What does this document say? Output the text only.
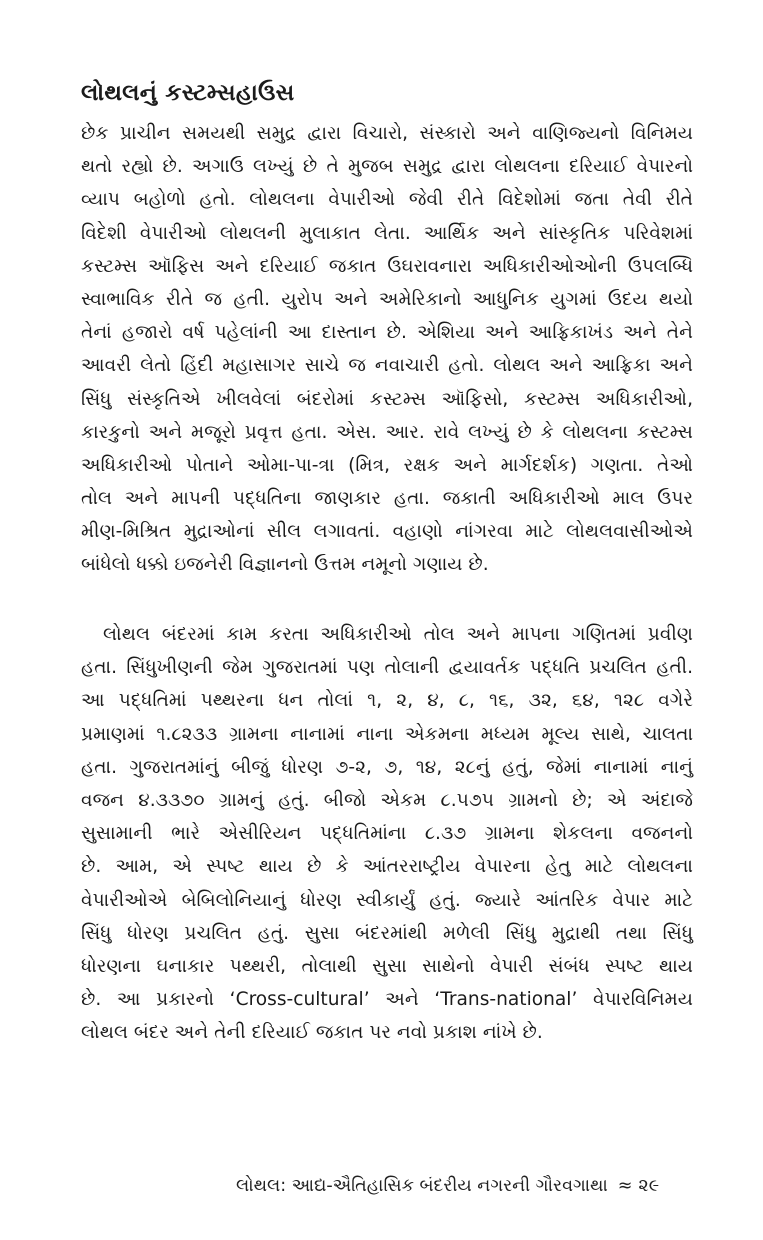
લોથલનું કસ્ટમ્સહાઉસ
છેક પ્રાચીન સમયથી સમુદ્ર દ્વારા વિચારો, સંસ્કારો અને વાણિજ્યનો વિનિમય
થતો રહ્યો છે. અગાઉ લખ્યું છે તે મુજબ સમુદ્ર દ્વારા લોથલના દરિયાઈ વેપારનો
વ્યાપ બહોળો હતો. લોથલના વેપારીઓ જેવી રીતે વિદેશોમાં જતા તેવી રીતે
વિદેશી વેપારીઓ લોથલની મુલાકાત લેતા. આર્થિક અને સાંસ્કૃતિક પરિવેશમાં
કસ્ટમ્સ ઑફિસ અને દરિયાઈ જકાત ઉઘરાવનારા અધિકારીઓઓની ઉપલબ્ધિ
સ્વાભાવિક રીતે જ હતી. યુરોપ અને અમેરિકાનો આધુનિક યુગમાં ઉદય થયો
તેનાં હજારો વર્ષ પહેલાંની આ દાસ્તાન છે. એશિયા અને આફ્રિકાખંડ અને તેને
આવરી લેતો હિંદી મહાસાગર સાચે જ નવાચારી હતો. લોથલ અને આફ્રિકા અને
સિંધુ સંસ્કૃતિએ ખીલવેલાં બંદરોમાં કસ્ટમ્સ ઑફિસો, કસ્ટમ્સ અધિકારીઓ,
કારકુનો અને મજૂરો પ્રવૃત્ત હતા. એસ. આર. રાવે લખ્યું છે કે લોથલના કસ્ટમ્સ
અધિકારીઓ પોતાને ઓમા-પા-ત્રા (મિત્ર, રક્ષક અને માર્ગદર્શક) ગણતા. તેઓ
તોલ અને માપની પદ્ધતિના જાણકાર હતા. જકાતી અધિકારીઓ માલ ઉપર
મીણ-મિશ્રિત મુદ્રાઓનાં સીલ લગાવતાં. વહાણો નાંગરવા માટે લોથલવાસીઓએ
બાંધેલો ધક્કો ઇજનેરી વિજ્ઞાનનો ઉત્તમ નમૂનો ગણાય છે.
લોથલ બંદરમાં કામ કરતા અધિકારીઓ તોલ અને માપના ગણિતમાં પ્રવીણ
હતા. સિંધુખીણની જેમ ગુજરાતમાં પણ તોલાની દ્વયાવર્તક પદ્ધતિ પ્રચલિત હતી.
આ પદ્ધતિમાં પથ્થરના ધન તોલાં ૧, ૨, ૪, ૮, ૧૬, ૩૨, ૬૪, ૧૨૮ વગેરે
પ્રમાણમાં ૧.૮૨૩૩ ગ્રામના નાનામાં નાના એકમના મધ્યમ મૂલ્ય સાથે, ચાલતા
હતા. ગુજરાતમાંનું બીજું ધોરણ ૭-૨, ૭, ૧૪, ૨૮નું હતું, જેમાં નાનામાં નાનું
વજન ૪.૩૩૭૦ ગ્રામનું હતું. બીજો એકમ ૮.૫૭૫ ગ્રામનો છે; એ અંદાજે
સુસામાની ભારે એસીરિયન પદ્ધતિમાંના ૮.૩૭ ગ્રામના શેકલના વજનનો
છે. આમ, એ સ્પષ્ટ થાય છે કે આંતરરાષ્ટ્રીય વેપારના હેતુ માટે લોથલના
વેપારીઓએ બેબિલોનિયાનું ધોરણ સ્વીકાર્યું હતું. જ્યારે આંતરિક વેપાર માટે
સિંધુ ધોરણ પ્રચલિત હતું. સુસા બંદરમાંથી મળેલી સિંધુ મુદ્રાથી તથા સિંધુ
ધોરણના ઘનાકાર પથ્થરી, તોલાથી સુસા સાથેનો વેપારી સંબંધ સ્પષ્ટ થાય
છે. આ પ્રકારનો ‘Cross-cultural’ અને ‘Trans-national’ વેપારવિનિમય
લોથલ બંદર અને તેની દરિયાઈ જકાત પર નવો પ્રકાશ નાંખે છે.
લોથલ: આદ્ય-ઐતિહાસિક બંદરીય નગરની ગૌરવગાથા ≈ ૨૯
